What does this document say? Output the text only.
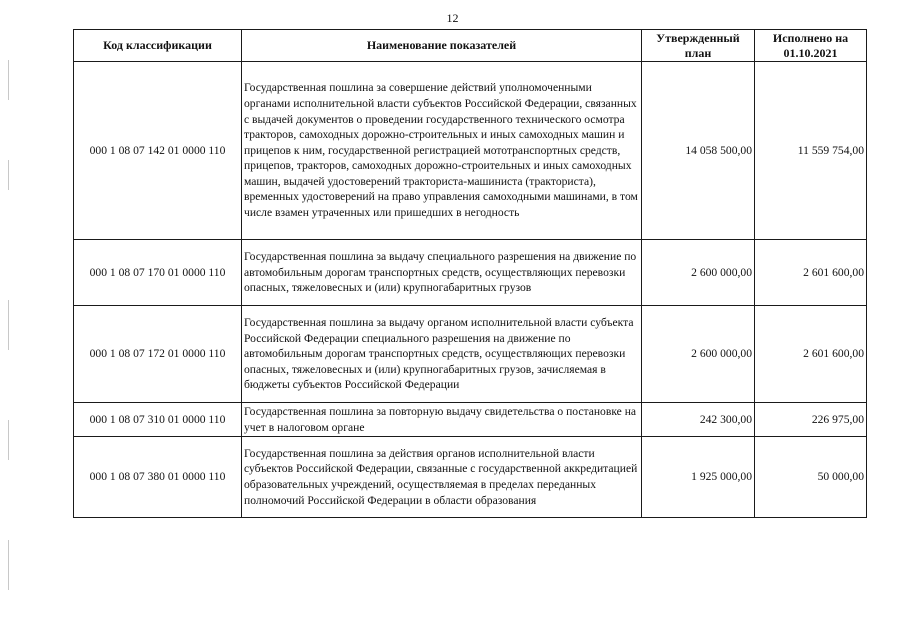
12
Код классификации	Наименование показателей	Утвержденный план	Исполнено на 01.10.2021
000 1 08 07 142 01 0000 110	Государственная пошлина за совершение действий уполномоченными органами исполнительной власти субъектов Российской Федерации, связанных с выдачей документов о проведении государственного технического осмотра тракторов, самоходных дорожно-строительных и иных самоходных машин и прицепов к ним, государственной регистрацией мототранспортных средств, прицепов, тракторов, самоходных дорожно-строительных и иных самоходных машин, выдачей удостоверений тракториста-машиниста (тракториста), временных удостоверений на право управления самоходными машинами, в том числе взамен утраченных или пришедших в негодность	14 058 500,00	11 559 754,00
000 1 08 07 170 01 0000 110	Государственная пошлина за выдачу специального разрешения на движение по автомобильным дорогам транспортных средств, осуществляющих перевозки опасных, тяжеловесных и (или) крупногабаритных грузов	2 600 000,00	2 601 600,00
000 1 08 07 172 01 0000 110	Государственная пошлина за выдачу органом исполнительной власти субъекта Российской Федерации специального разрешения на движение по автомобильным дорогам транспортных средств, осуществляющих перевозки опасных, тяжеловесных и (или) крупногабаритных грузов, зачисляемая в бюджеты субъектов Российской Федерации	2 600 000,00	2 601 600,00
000 1 08 07 310 01 0000 110	Государственная пошлина за повторную выдачу свидетельства о постановке на учет в налоговом органе	242 300,00	226 975,00
000 1 08 07 380 01 0000 110	Государственная пошлина за действия органов исполнительной власти субъектов Российской Федерации, связанные с государственной аккредитацией образовательных учреждений, осуществляемая в пределах переданных полномочий Российской Федерации в области образования	1 925 000,00	50 000,00
